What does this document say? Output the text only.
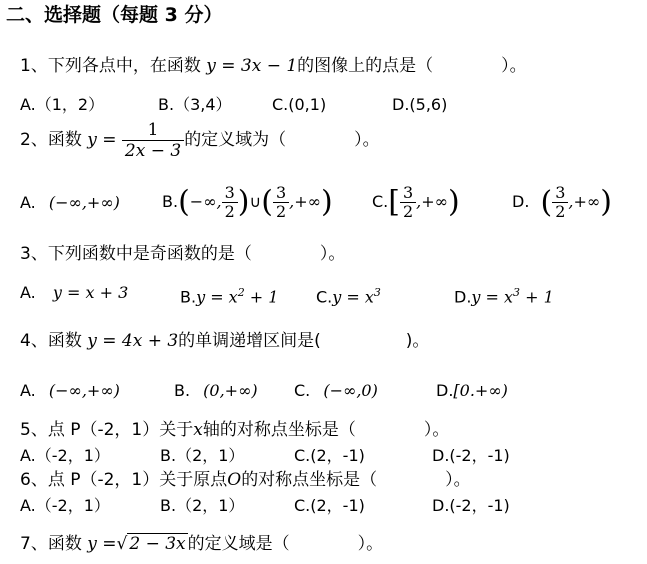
二、选择题（每题 3 分）
1、下列各点中，在函数 y = 3x − 1的图像上的点是（　　　　）。
A.（1，2）	B.（3,4）	C.(0,1)	D.(5,6)
2、函数 $y = \frac{1}{2x - 3}$ 的定义域为（　　　　）。
A. (−∞,+∞)	B.(−∞, $\frac{3}{2}$ )∪( $\frac{3}{2}$ ,+∞) $C.[ \frac{3}{2}$ ,+∞)	D. ( $\frac{3}{2}$ ,+∞)
3、下列函数中是奇函数的是（　　　　）。
A. y = x + 3	$B.y = x^2 + 1$ $C.y = x^3$	$D.y = x^3 + 1$
4、函数 y = 4x + 3的单调递增区间是(　　　　　)。
A. (−∞,+∞)	B. (0,+∞) C. (−∞,0)	D.[0.+∞)
5、点 P（-2，1）关于x轴的对称点坐标是（　　　　）。
A.（-2，1）	B.（2，1）	C.(2，-1)	D.(-2，-1)
6、点 P（-2，1）关于原点O的对称点坐标是（　　　　）。
A.（-2，1）	B.（2，1）	C.(2，-1)	D.(-2，-1)
7、函数 y =√ 2 − 3x 的定义域是（　　　　）。
